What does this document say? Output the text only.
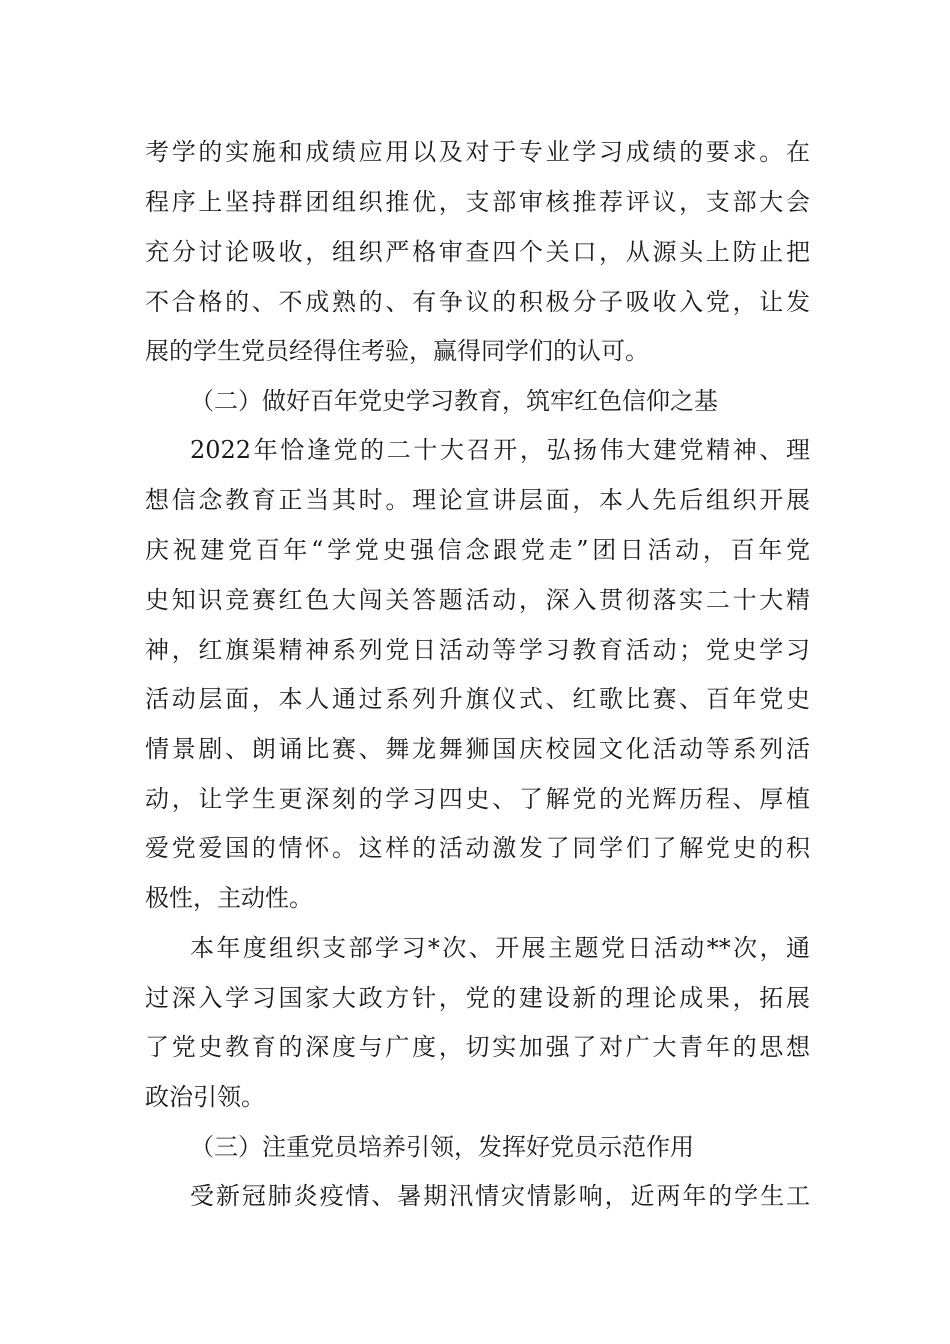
考学的实施和成绩应用以及对于专业学习成绩的要求。在
程序上坚持群团组织推优，支部审核推荐评议，支部大会
充分讨论吸收，组织严格审查四个关口，从源头上防止把
不合格的、不成熟的、有争议的积极分子吸收入党，让发
展的学生党员经得住考验，赢得同学们的认可。
（二）做好百年党史学习教育，筑牢红色信仰之基
2022年恰逢党的二十大召开，弘扬伟大建党精神、理
想信念教育正当其时。理论宣讲层面，本人先后组织开展
庆祝建党百年“学党史强信念跟党走”团日活动，百年党
史知识竞赛红色大闯关答题活动，深入贯彻落实二十大精
神，红旗渠精神系列党日活动等学习教育活动；党史学习
活动层面，本人通过系列升旗仪式、红歌比赛、百年党史
情景剧、朗诵比赛、舞龙舞狮国庆校园文化活动等系列活
动，让学生更深刻的学习四史、了解党的光辉历程、厚植
爱党爱国的情怀。这样的活动激发了同学们了解党史的积
极性，主动性。
本年度组织支部学习*次、开展主题党日活动**次，通
过深入学习国家大政方针，党的建设新的理论成果，拓展
了党史教育的深度与广度，切实加强了对广大青年的思想
政治引领。
（三）注重党员培养引领，发挥好党员示范作用
受新冠肺炎疫情、暑期汛情灾情影响，近两年的学生工
